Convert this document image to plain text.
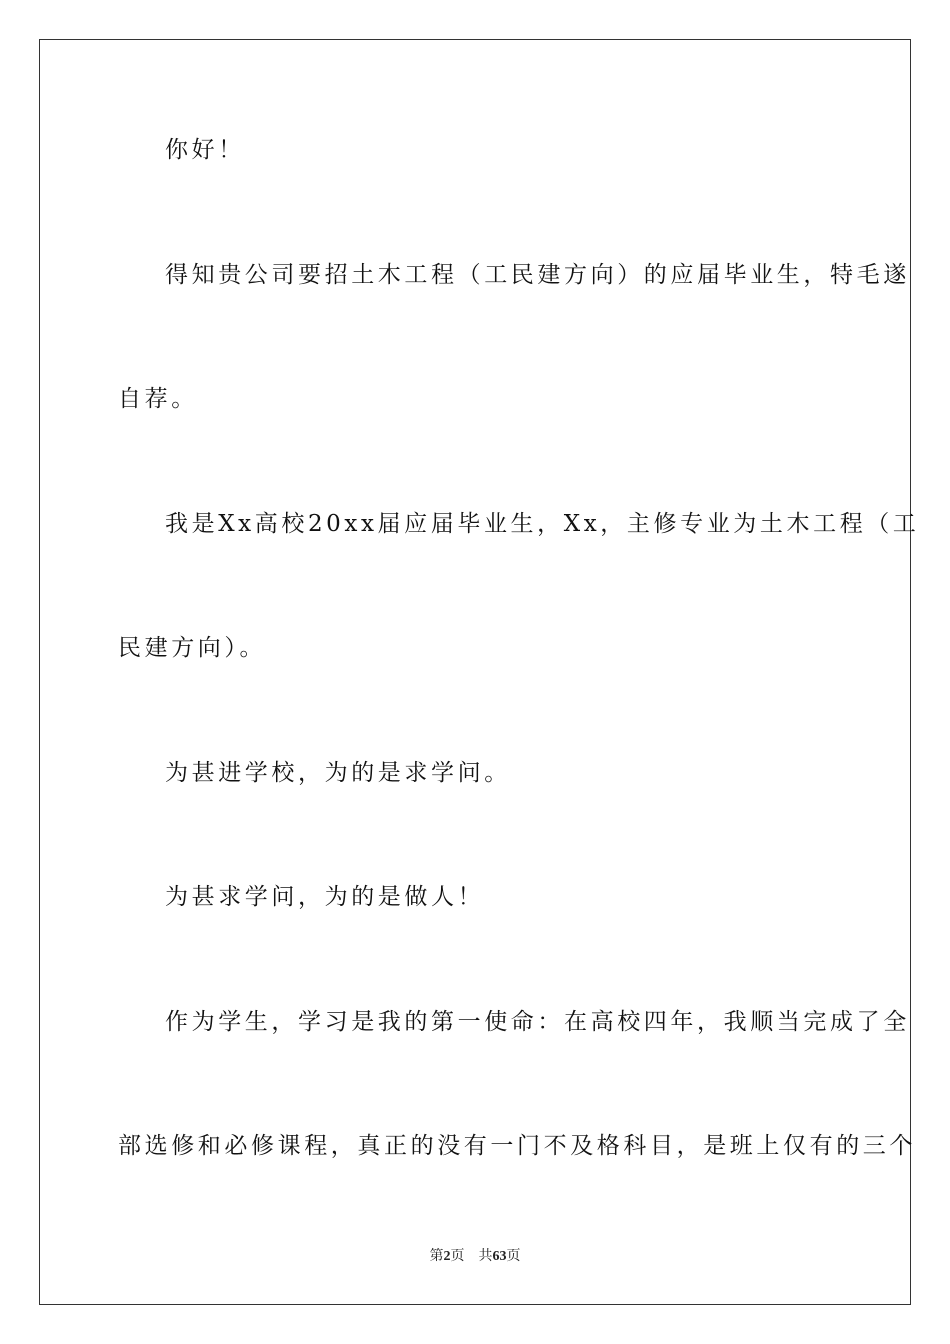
你好！
得知贵公司要招土木工程（工民建方向）的应届毕业生，特毛遂
自荐。
我是Xx高校20xx届应届毕业生，Xx，主修专业为土木工程（工
民建方向）。
为甚进学校，为的是求学问。
为甚求学问，为的是做人！
作为学生，学习是我的第一使命：在高校四年，我顺当完成了全
部选修和必修课程，真正的没有一门不及格科目，是班上仅有的三个
第2页 共63页
